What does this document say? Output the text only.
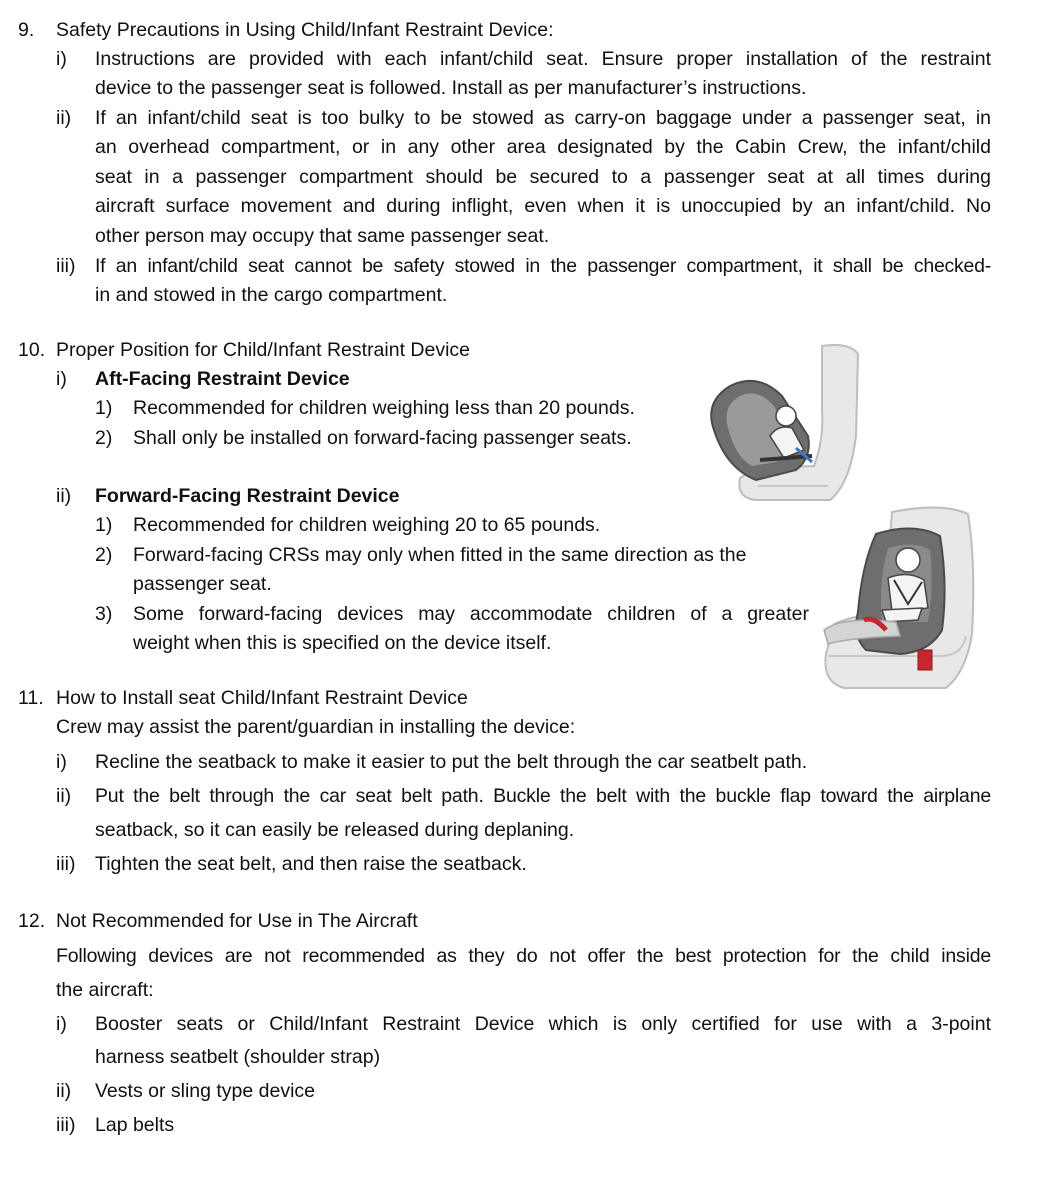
9. Safety Precautions in Using Child/Infant Restraint Device:
i) Instructions are provided with each infant/child seat. Ensure proper installation of the restraint
device to the passenger seat is followed. Install as per manufacturer’s instructions.
ii) If an infant/child seat is too bulky to be stowed as carry-on baggage under a passenger seat, in
an overhead compartment, or in any other area designated by the Cabin Crew, the infant/child
seat in a passenger compartment should be secured to a passenger seat at all times during
aircraft surface movement and during inflight, even when it is unoccupied by an infant/child. No
other person may occupy that same passenger seat.
iii) If an infant/child seat cannot be safety stowed in the passenger compartment, it shall be checked-
in and stowed in the cargo compartment.
10. Proper Position for Child/Infant Restraint Device
i) Aft-Facing Restraint Device
1) Recommended for children weighing less than 20 pounds.
2) Shall only be installed on forward-facing passenger seats.
ii) Forward-Facing Restraint Device
1) Recommended for children weighing 20 to 65 pounds.
2) Forward-facing CRSs may only when fitted in the same direction as the
passenger seat.
3) Some forward-facing devices may accommodate children of a greater
weight when this is specified on the device itself.
11. How to Install seat Child/Infant Restraint Device
Crew may assist the parent/guardian in installing the device:
i) Recline the seatback to make it easier to put the belt through the car seatbelt path.
ii) Put the belt through the car seat belt path. Buckle the belt with the buckle flap toward the airplane
seatback, so it can easily be released during deplaning.
iii) Tighten the seat belt, and then raise the seatback.
12. Not Recommended for Use in The Aircraft
Following devices are not recommended as they do not offer the best protection for the child inside
the aircraft:
i) Booster seats or Child/Infant Restraint Device which is only certified for use with a 3-point
harness seatbelt (shoulder strap)
ii) Vests or sling type device
iii) Lap belts
